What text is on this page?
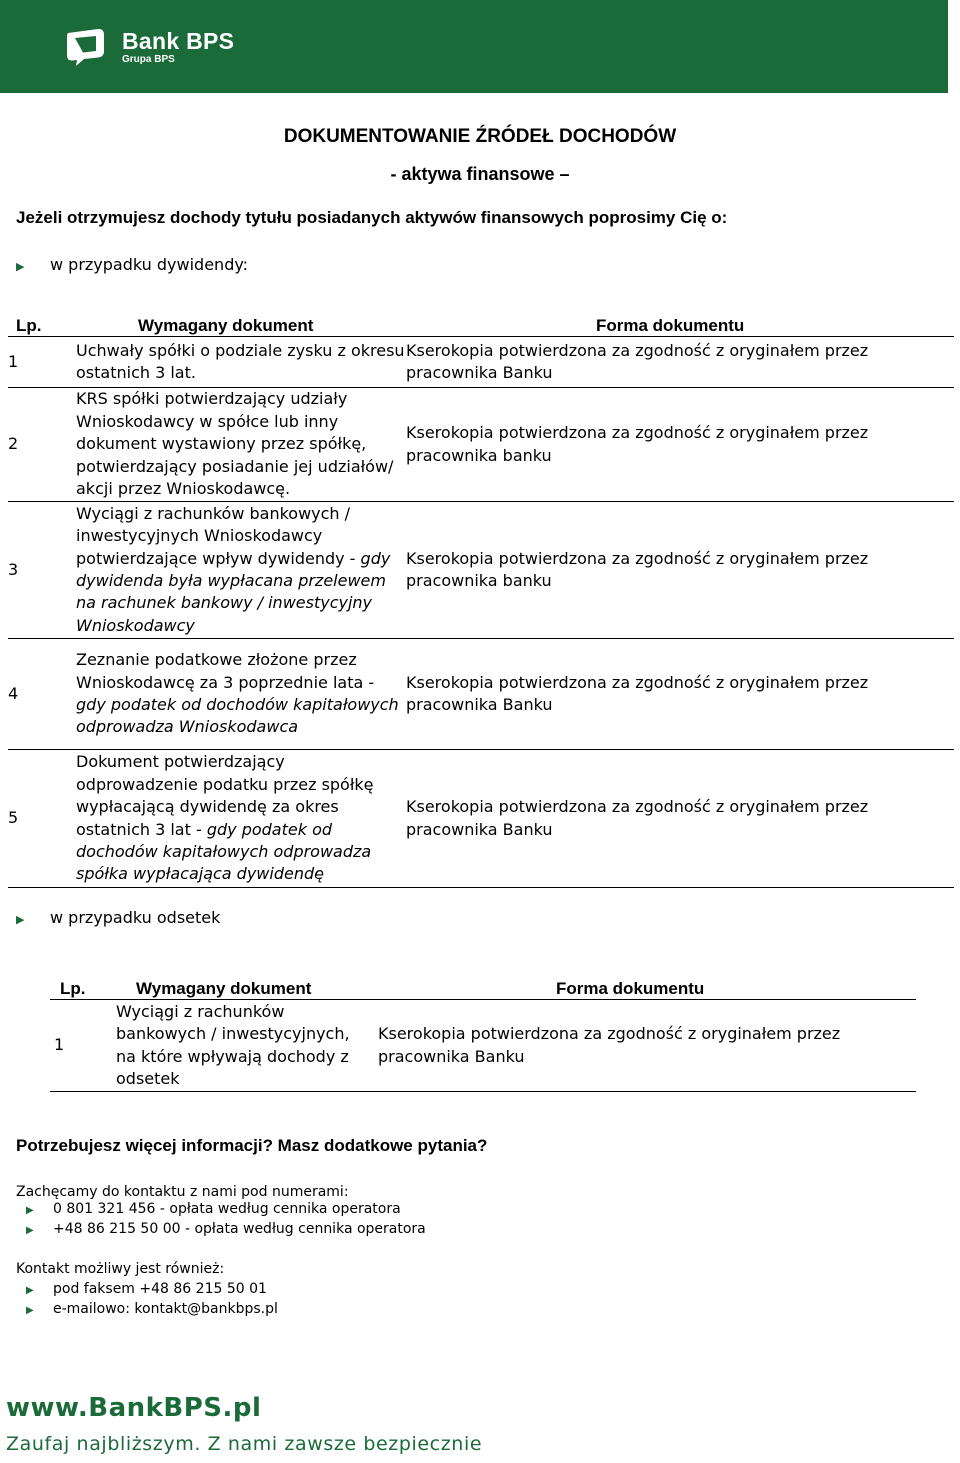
Bank BPS
Grupa BPS
DOKUMENTOWANIE ŹRÓDEŁ DOCHODÓW
- aktywa finansowe –
Jeżeli otrzymujesz dochody tytułu posiadanych aktywów finansowych poprosimy Cię o:
▶ w przypadku dywidendy:
Lp.	Wymagany dokument	Forma dokumentu
1	Uchwały spółki o podziale zysku z okresu ostatnich 3 lat.	Kserokopia potwierdzona za zgodność z oryginałem przez pracownika Banku
2	KRS spółki potwierdzający udziały Wnioskodawcy w spółce lub inny dokument wystawiony przez spółkę, potwierdzający posiadanie jej udziałów/ akcji przez Wnioskodawcę.	Kserokopia potwierdzona za zgodność z oryginałem przez pracownika banku
3	Wyciągi z rachunków bankowych / inwestycyjnych Wnioskodawcy potwierdzające wpływ dywidendy - gdy dywidenda była wypłacana przelewem na rachunek bankowy / inwestycyjny Wnioskodawcy	Kserokopia potwierdzona za zgodność z oryginałem przez pracownika banku
4	Zeznanie podatkowe złożone przez Wnioskodawcę za 3 poprzednie lata - gdy podatek od dochodów kapitałowych odprowadza Wnioskodawca	Kserokopia potwierdzona za zgodność z oryginałem przez pracownika Banku
5	Dokument potwierdzający odprowadzenie podatku przez spółkę wypłacającą dywidendę za okres ostatnich 3 lat - gdy podatek od dochodów kapitałowych odprowadza spółka wypłacająca dywidendę	Kserokopia potwierdzona za zgodność z oryginałem przez pracownika Banku
▶ w przypadku odsetek
Lp.	Wymagany dokument	Forma dokumentu
1	Wyciągi z rachunków bankowych / inwestycyjnych, na które wpływają dochody z odsetek	Kserokopia potwierdzona za zgodność z oryginałem przez pracownika Banku
Potrzebujesz więcej informacji? Masz dodatkowe pytania?
Zachęcamy do kontaktu z nami pod numerami:
▶ 0 801 321 456 - opłata według cennika operatora
▶ +48 86 215 50 00 - opłata według cennika operatora
Kontakt możliwy jest również:
▶ pod faksem +48 86 215 50 01
▶ e-mailowo: kontakt@bankbps.pl
www.BankBPS.pl
Zaufaj najbliższym. Z nami zawsze bezpiecznie
